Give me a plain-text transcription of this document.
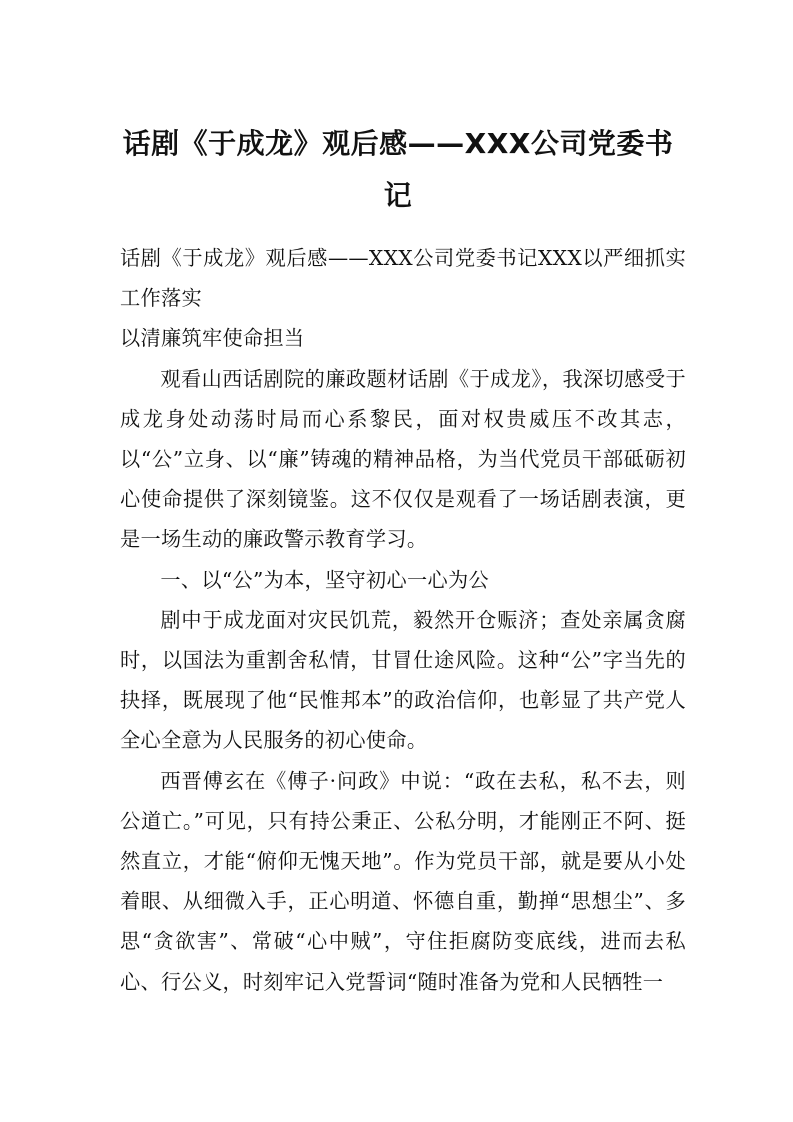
话剧《于成龙》观后感——XXX公司党委书记

话剧《于成龙》观后感——XXX公司党委书记XXX以严细抓实工作落实

以清廉筑牢使命担当

观看山西话剧院的廉政题材话剧《于成龙》，我深切感受于成龙身处动荡时局而心系黎民，面对权贵威压不改其志，以“公”立身、以“廉”铸魂的精神品格，为当代党员干部砥砺初心使命提供了深刻镜鉴。这不仅仅是观看了一场话剧表演，更是一场生动的廉政警示教育学习。

一、以“公”为本，坚守初心一心为公

剧中于成龙面对灾民饥荒，毅然开仓赈济；查处亲属贪腐时，以国法为重割舍私情，甘冒仕途风险。这种“公”字当先的抉择，既展现了他“民惟邦本”的政治信仰，也彰显了共产党人全心全意为人民服务的初心使命。

西晋傅玄在《傅子·问政》中说：“政在去私，私不去，则公道亡。”可见，只有持公秉正、公私分明，才能刚正不阿、挺然直立，才能“俯仰无愧天地”。作为党员干部，就是要从小处着眼、从细微入手，正心明道、怀德自重，勤掸“思想尘”、多思“贪欲害”、常破“心中贼”，守住拒腐防变底线，进而去私心、行公义，时刻牢记入党誓词“随时准备为党和人民牺牲一
